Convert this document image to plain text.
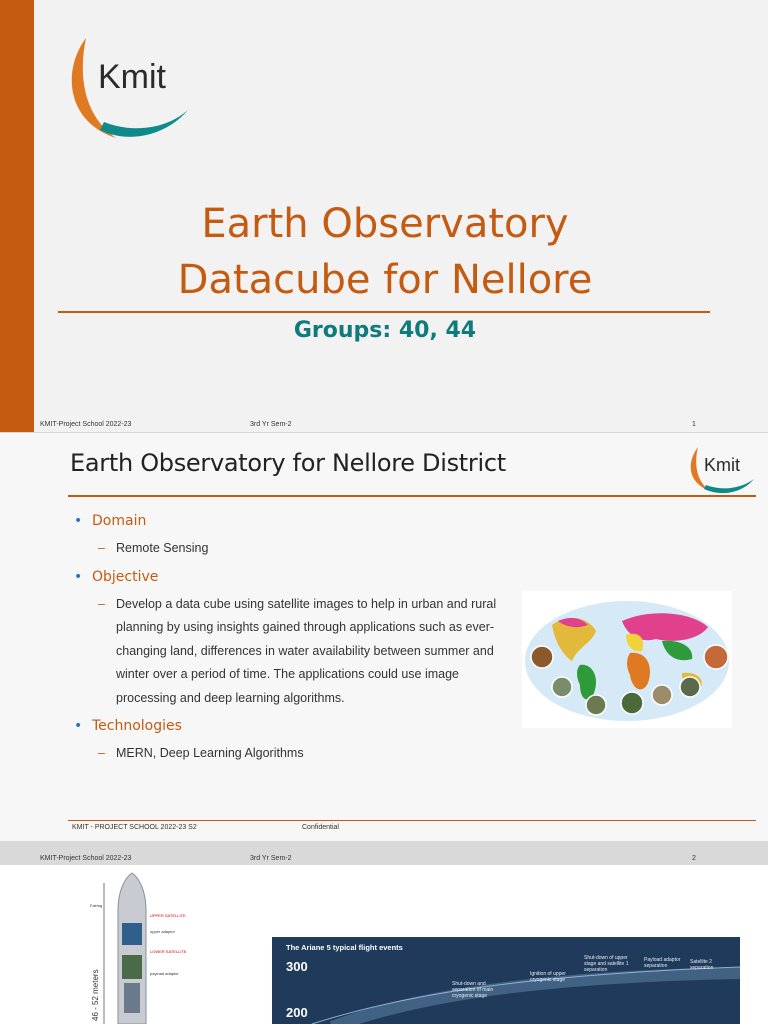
Kmit
Earth Observatory
Datacube for Nellore
Groups: 40, 44
KMIT-Project School 2022-23	3rd Yr Sem-2	1
Earth Observatory for Nellore District	Kmit
• Domain
– Remote Sensing
• Objective
– Develop a data cube using satellite images to help in urban and rural planning by using insights gained through applications such as ever-changing land, differences in water availability between summer and winter over a period of time. The applications could use image processing and deep learning algorithms.
• Technologies
– MERN, Deep Learning Algorithms
KMIT - PROJECT SCHOOL 2022-23 S2	Confidential
KMIT-Project School 2022-23	3rd Yr Sem-2	2
46 - 52 meters
Fairing
UPPER SATELLITE
upper adaptor
LOWER SATELLITE
payload adaptor
The Ariane 5 typical flight events
300
200
Shut-down of upper stage and satellite 1 separation
Payload adaptor separation
Satellite 2 separation
Ignition of upper cryogenic stage
Shut-down and separation of main cryogenic stage
